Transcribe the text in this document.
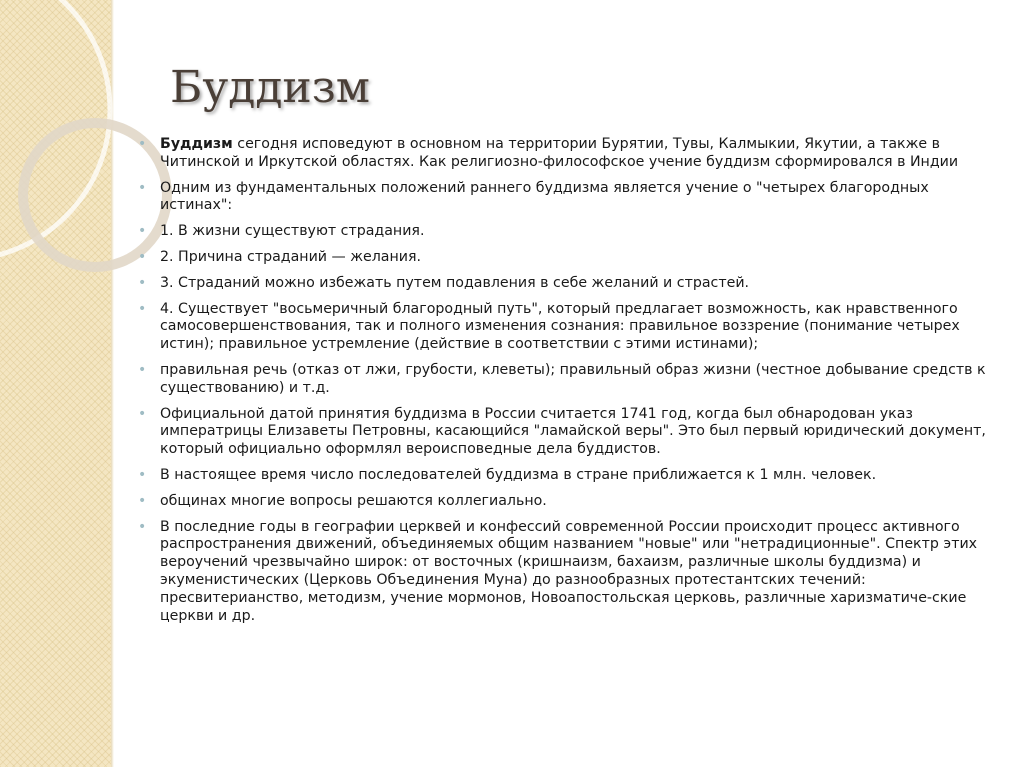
Буддизм
• Буддизм сегодня исповедуют в основном на территории Бурятии, Тувы, Калмыкии, Якутии, а также в Читинской и Иркутской областях. Как религиозно-философское учение буддизм сформировался в Индии
• Одним из фундаментальных положений раннего буддизма является учение о "четырех благородных истинах":
• 1. В жизни существуют страдания.
• 2. Причина страданий — желания.
• 3. Страданий можно избежать путем подавления в себе желаний и страстей.
• 4. Существует "восьмеричный благородный путь", который предлагает возможность, как нравственного самосовершенствования, так и полного изменения сознания: правильное воззрение (понимание четырех истин); правильное устремление (действие в соответствии с этими истинами);
• правильная речь (отказ от лжи, грубости, клеветы); правильный образ жизни (честное добывание средств к существованию) и т.д.
• Официальной датой принятия буддизма в России считается 1741 год, когда был обнародован указ императрицы Елизаветы Петровны, касающийся "ламайской веры". Это был первый юридический документ, который официально оформлял вероисповедные дела буддистов.
• В настоящее время число последователей буддизма в стране приближается к 1 млн. человек.
• общинах многие вопросы решаются коллегиально.
• В последние годы в географии церквей и конфессий современной России происходит процесс активного распространения движений, объединяемых общим названием "новые" или "нетрадиционные". Спектр этих вероучений чрезвычайно широк: от восточных (кришнаизм, бахаизм, различные школы буддизма) и экуменистических (Церковь Объединения Муна) до разнообразных протестантских течений: пресвитерианство, методизм, учение мормонов, Новоапостольская церковь, различные харизматиче-ские церкви и др.
